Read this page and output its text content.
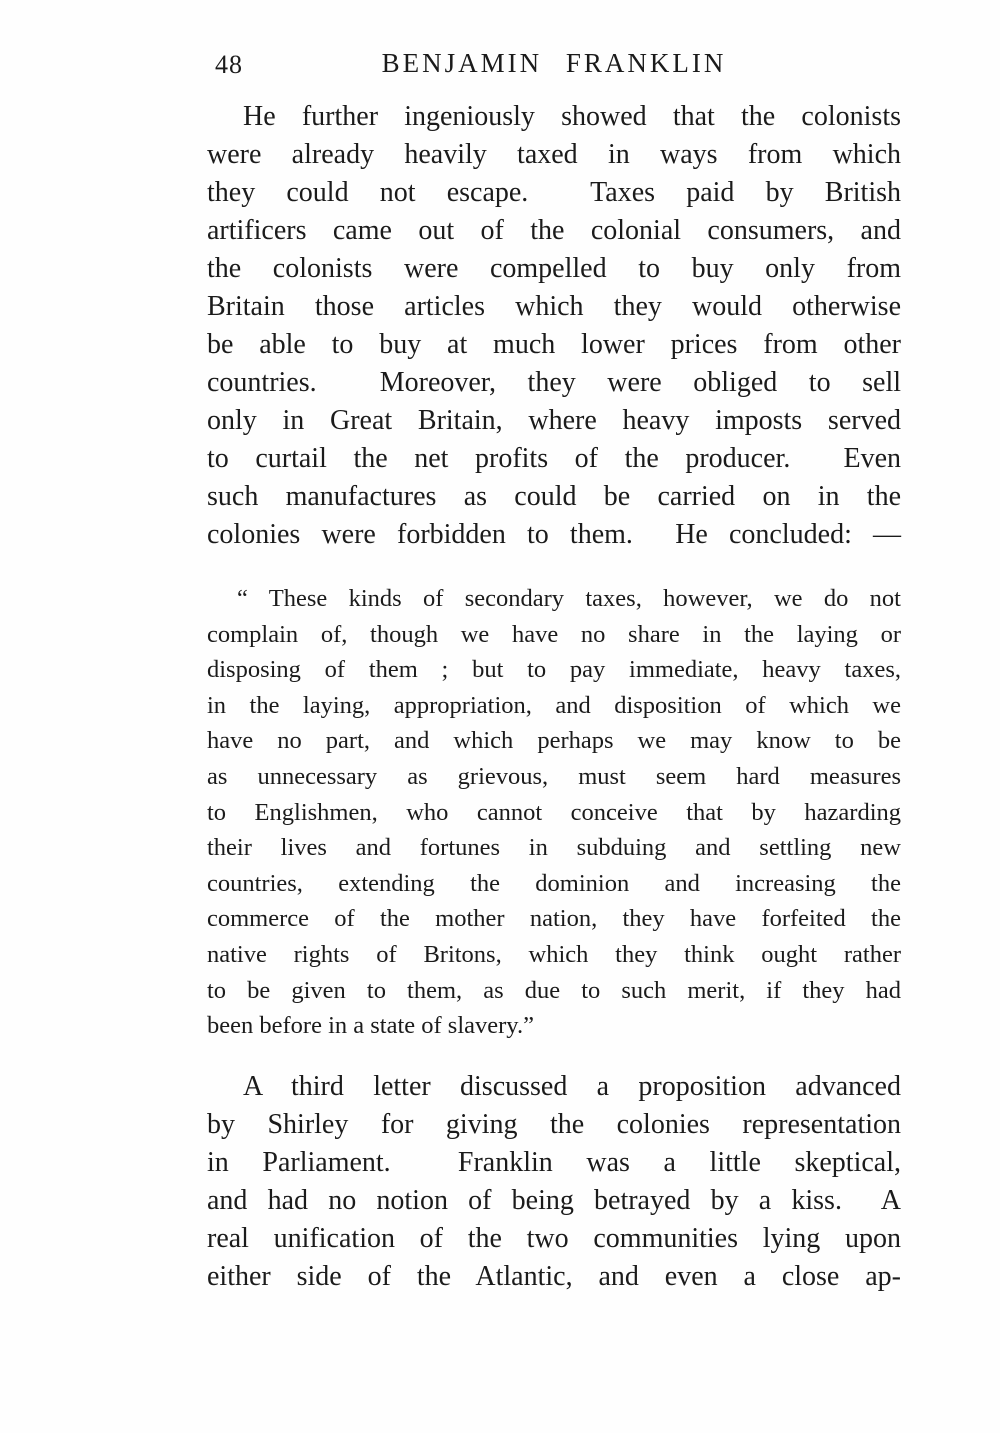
48	BENJAMIN FRANKLIN
He further ingeniously showed that the colonists
were already heavily taxed in ways from which
they could not escape.  Taxes paid by British
artificers came out of the colonial consumers, and
the colonists were compelled to buy only from
Britain those articles which they would otherwise
be able to buy at much lower prices from other
countries.  Moreover, they were obliged to sell
only in Great Britain, where heavy imposts served
to curtail the net profits of the producer.  Even
such manufactures as could be carried on in the
colonies were forbidden to them.  He concluded: —
“ These kinds of secondary taxes, however, we do not
complain of, though we have no share in the laying or
disposing of them ; but to pay immediate, heavy taxes,
in the laying, appropriation, and disposition of which we
have no part, and which perhaps we may know to be
as unnecessary as grievous, must seem hard measures
to Englishmen, who cannot conceive that by hazarding
their lives and fortunes in subduing and settling new
countries, extending the dominion and increasing the
commerce of the mother nation, they have forfeited the
native rights of Britons, which they think ought rather
to be given to them, as due to such merit, if they had
been before in a state of slavery.”
A third letter discussed a proposition advanced
by Shirley for giving the colonies representation
in Parliament.  Franklin was a little skeptical,
and had no notion of being betrayed by a kiss.  A
real unification of the two communities lying upon
either side of the Atlantic, and even a close ap-
